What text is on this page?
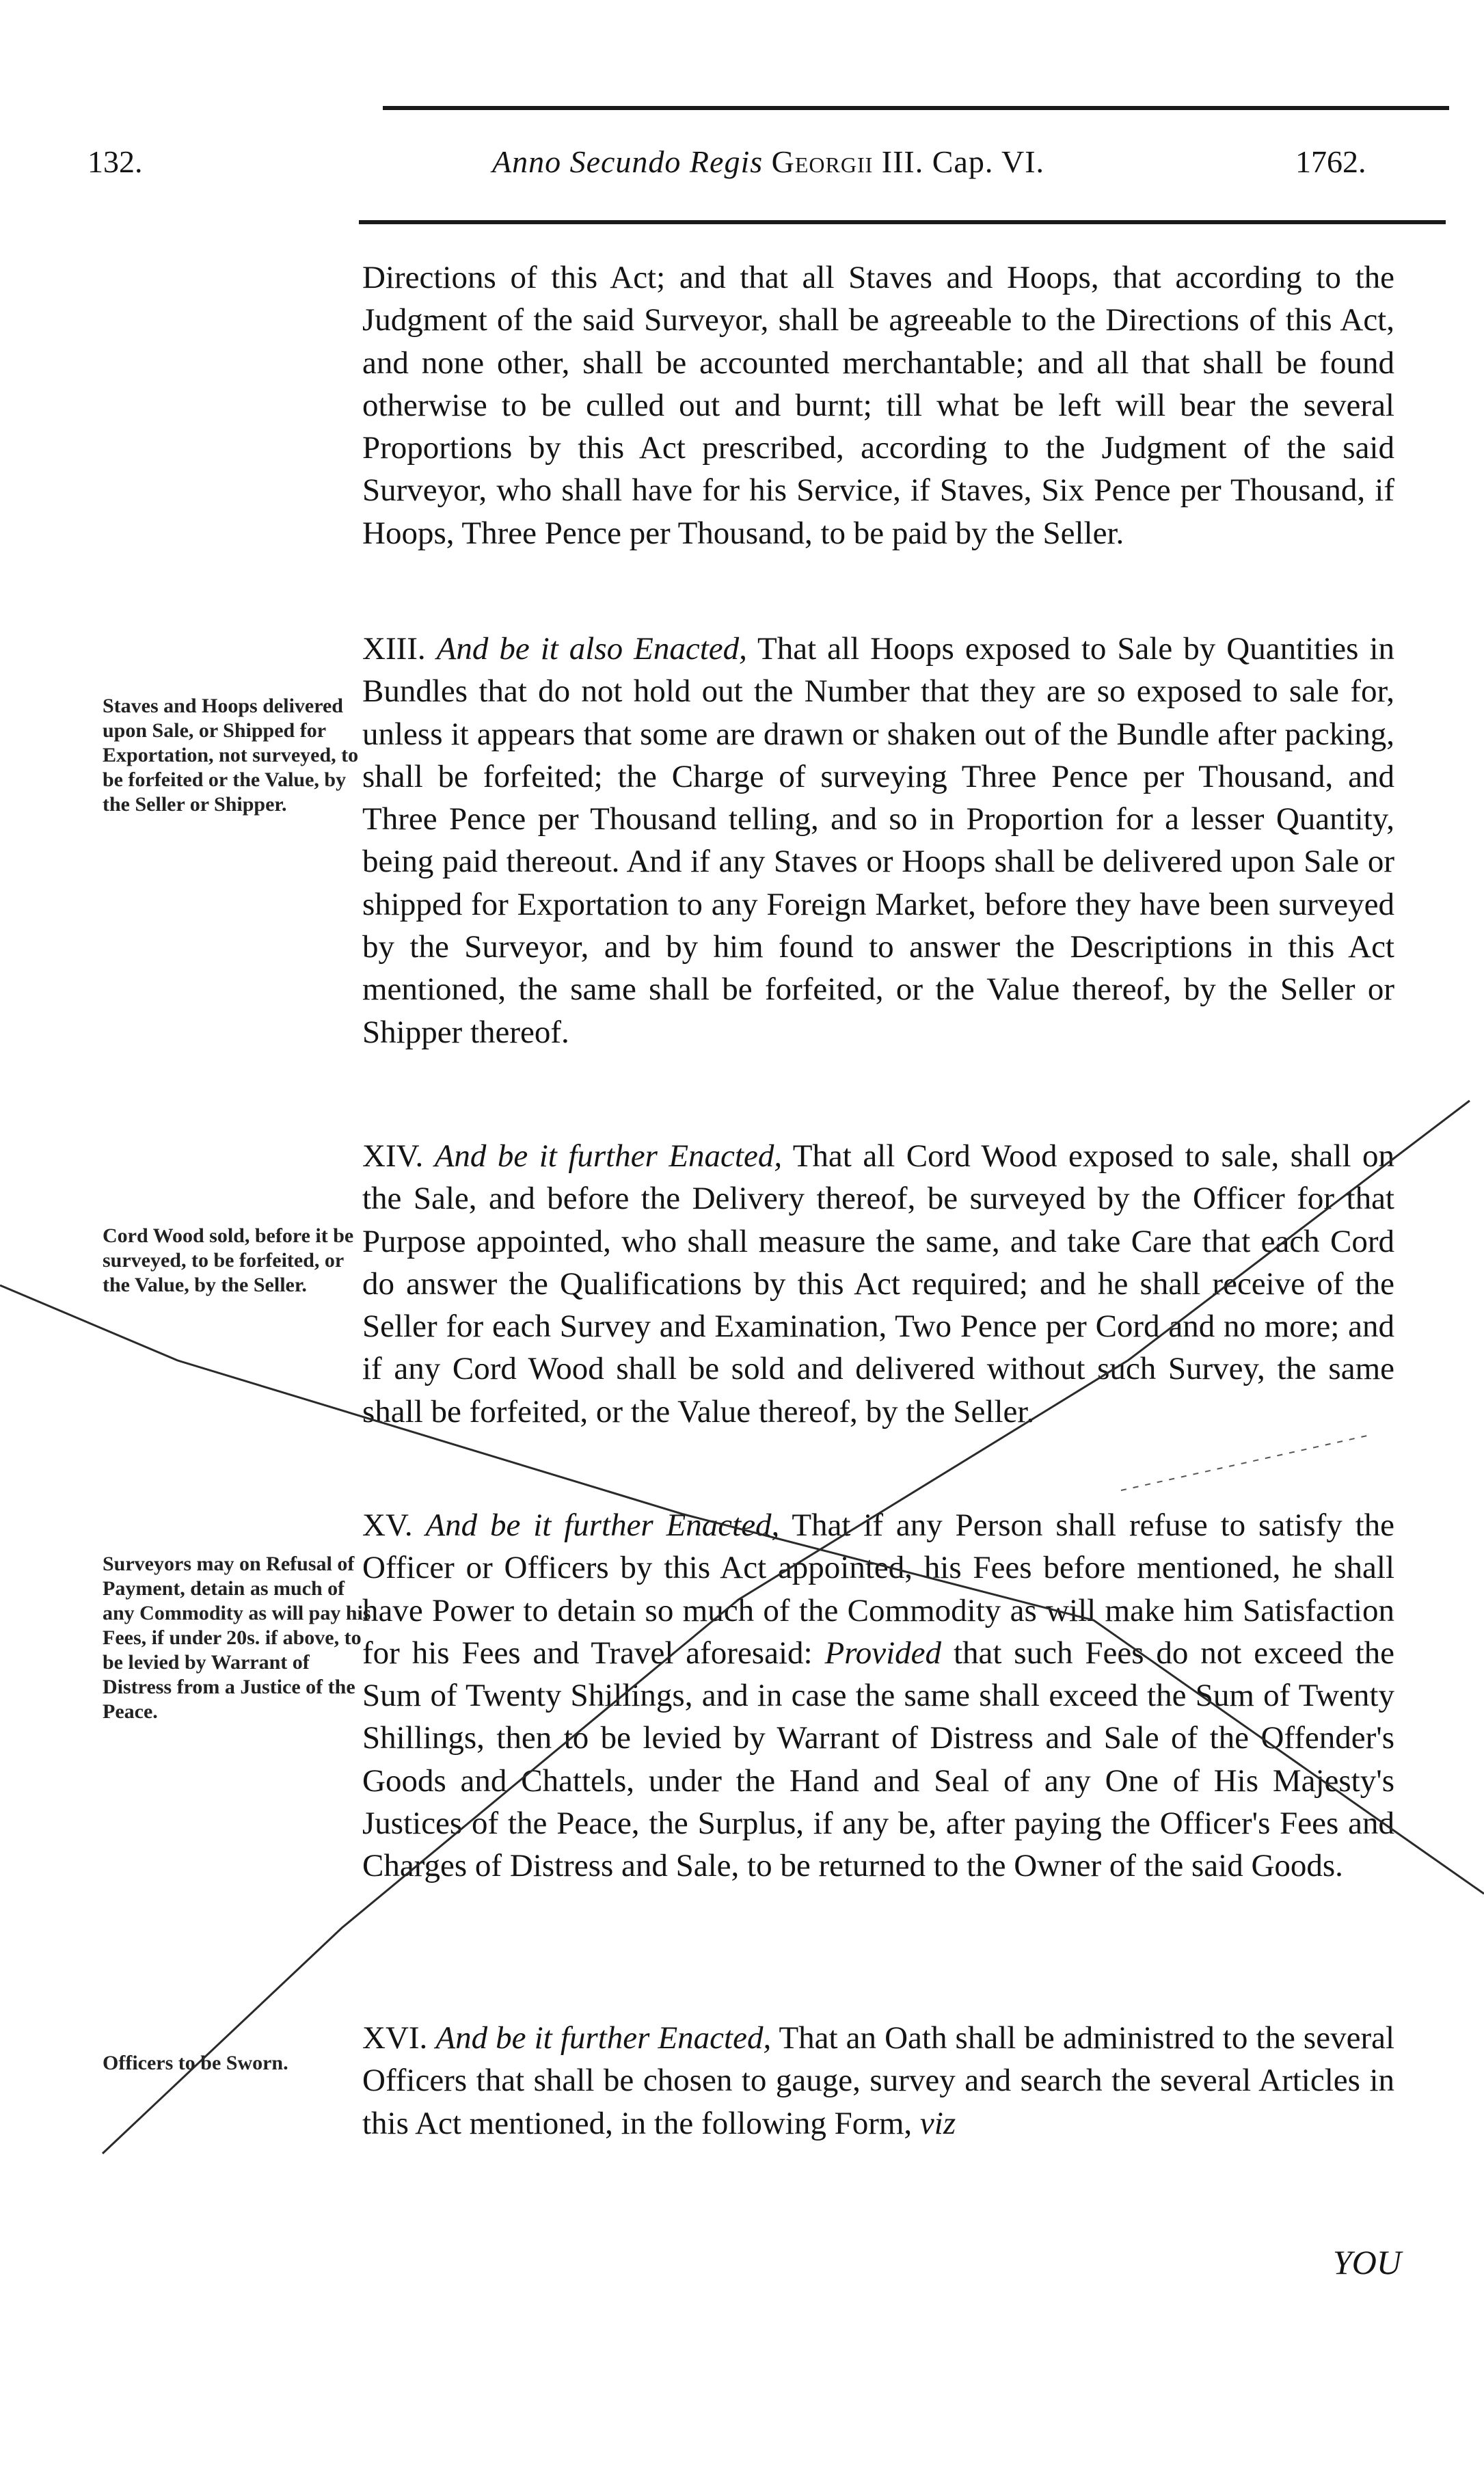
132.	Anno Secundo Regis Georgii III. Cap. VI.	1762.

Directions of this Act; and that all Staves and Hoops, that according to the Judgment of the said Surveyor, shall be agreeable to the Directions of this Act, and none other, shall be accounted merchantable; and all that shall be found otherwise to be culled out and burnt; till what be left will bear the several Proportions by this Act prescribed, according to the Judgment of the said Surveyor, who shall have for his Service, if Staves, Six Pence per Thousand, if Hoops, Three Pence per Thousand, to be paid by the Seller.

XIII. And be it also Enacted, That all Hoops exposed to Sale by Quantities in Bundles that do not hold out the Number that they are so exposed to sale for, unless it appears that some are drawn or shaken out of the Bundle after packing, shall be forfeited; the Charge of surveying Three Pence per Thousand, and Three Pence per Thousand telling, and so in Proportion for a lesser Quantity, being paid thereout. And if any Staves or Hoops shall be delivered upon Sale or shipped for Exportation to any Foreign Market, before they have been surveyed by the Surveyor, and by him found to answer the Descriptions in this Act mentioned, the same shall be forfeited, or the Value thereof, by the Seller or Shipper thereof.

XIV. And be it further Enacted, That all Cord Wood exposed to sale, shall on the Sale, and before the Delivery thereof, be surveyed by the Officer for that Purpose appointed, who shall measure the same, and take Care that each Cord do answer the Qualifications by this Act required; and he shall receive of the Seller for each Survey and Examination, Two Pence per Cord and no more; and if any Cord Wood shall be sold and delivered without such Survey, the same shall be forfeited, or the Value thereof, by the Seller.

XV. And be it further Enacted, That if any Person shall refuse to satisfy the Officer or Officers by this Act appointed, his Fees before mentioned, he shall have Power to detain so much of the Commodity as will make him Satisfaction for his Fees and Travel aforesaid: Provided that such Fees do not exceed the Sum of Twenty Shillings, and in case the same shall exceed the Sum of Twenty Shillings, then to be levied by Warrant of Distress and Sale of the Offender's Goods and Chattels, under the Hand and Seal of any One of His Majesty's Justices of the Peace, the Surplus, if any be, after paying the Officer's Fees and Charges of Distress and Sale, to be returned to the Owner of the said Goods.

XVI. And be it further Enacted, That an Oath shall be administred to the several Officers that shall be chosen to gauge, survey and search the several Articles in this Act mentioned, in the following Form, viz

Staves and Hoops delivered upon Sale, or Shipped for Exportation, not surveyed, to be forfeited or the Value, by the Seller or Shipper.

Cord Wood sold, before it be surveyed, to be forfeited, or the Value, by the Seller.

Surveyors may on Refusal of Payment, detain as much of any Commodity as will pay his Fees, if under 20s. if above, to be levied by Warrant of Distress from a Justice of the Peace.

Officers to be Sworn.

YOU
